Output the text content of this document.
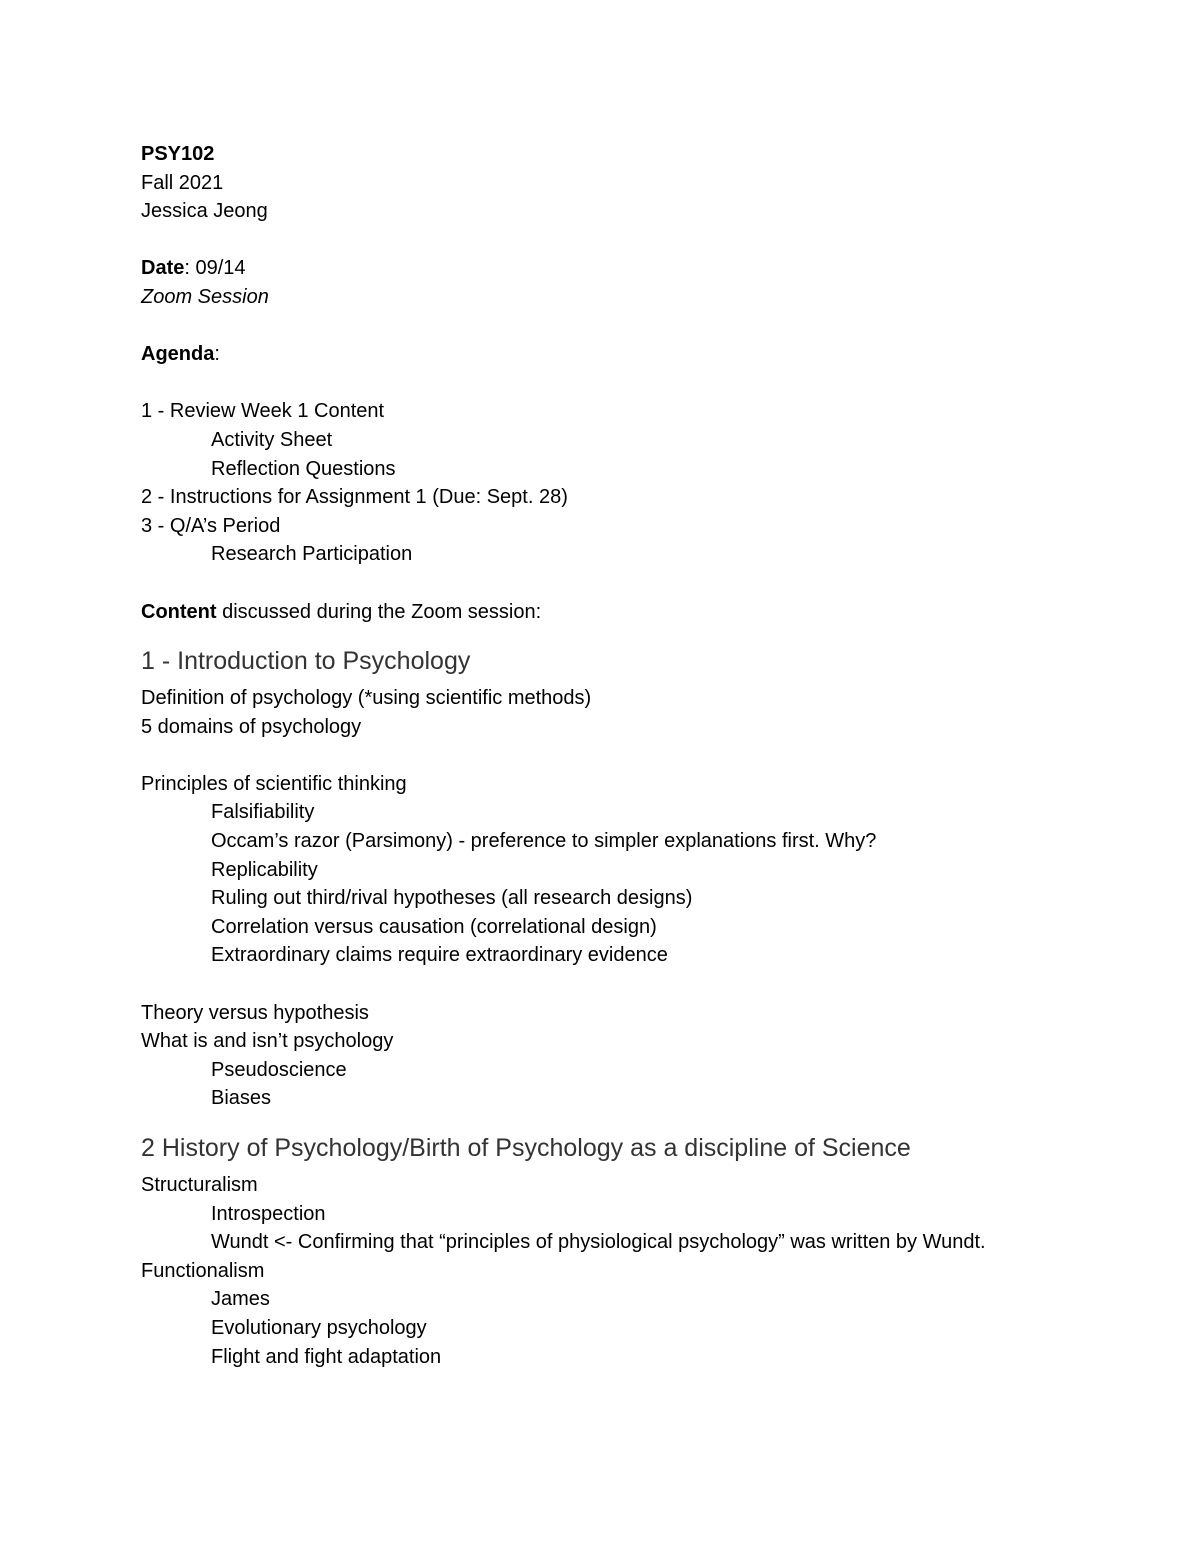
PSY102
Fall 2021
Jessica Jeong
Date: 09/14
Zoom Session
Agenda:
1 - Review Week 1 Content
Activity Sheet
Reflection Questions
2 - Instructions for Assignment 1 (Due: Sept. 28)
3 - Q/A’s Period
Research Participation
Content discussed during the Zoom session:
1 - Introduction to Psychology
Definition of psychology (*using scientific methods)
5 domains of psychology
Principles of scientific thinking
Falsifiability
Occam’s razor (Parsimony) - preference to simpler explanations first. Why?
Replicability
Ruling out third/rival hypotheses (all research designs)
Correlation versus causation (correlational design)
Extraordinary claims require extraordinary evidence
Theory versus hypothesis
What is and isn’t psychology
Pseudoscience
Biases
2 History of Psychology/Birth of Psychology as a discipline of Science
Structuralism
Introspection
Wundt <- Confirming that “principles of physiological psychology” was written by Wundt.
Functionalism
James
Evolutionary psychology
Flight and fight adaptation
